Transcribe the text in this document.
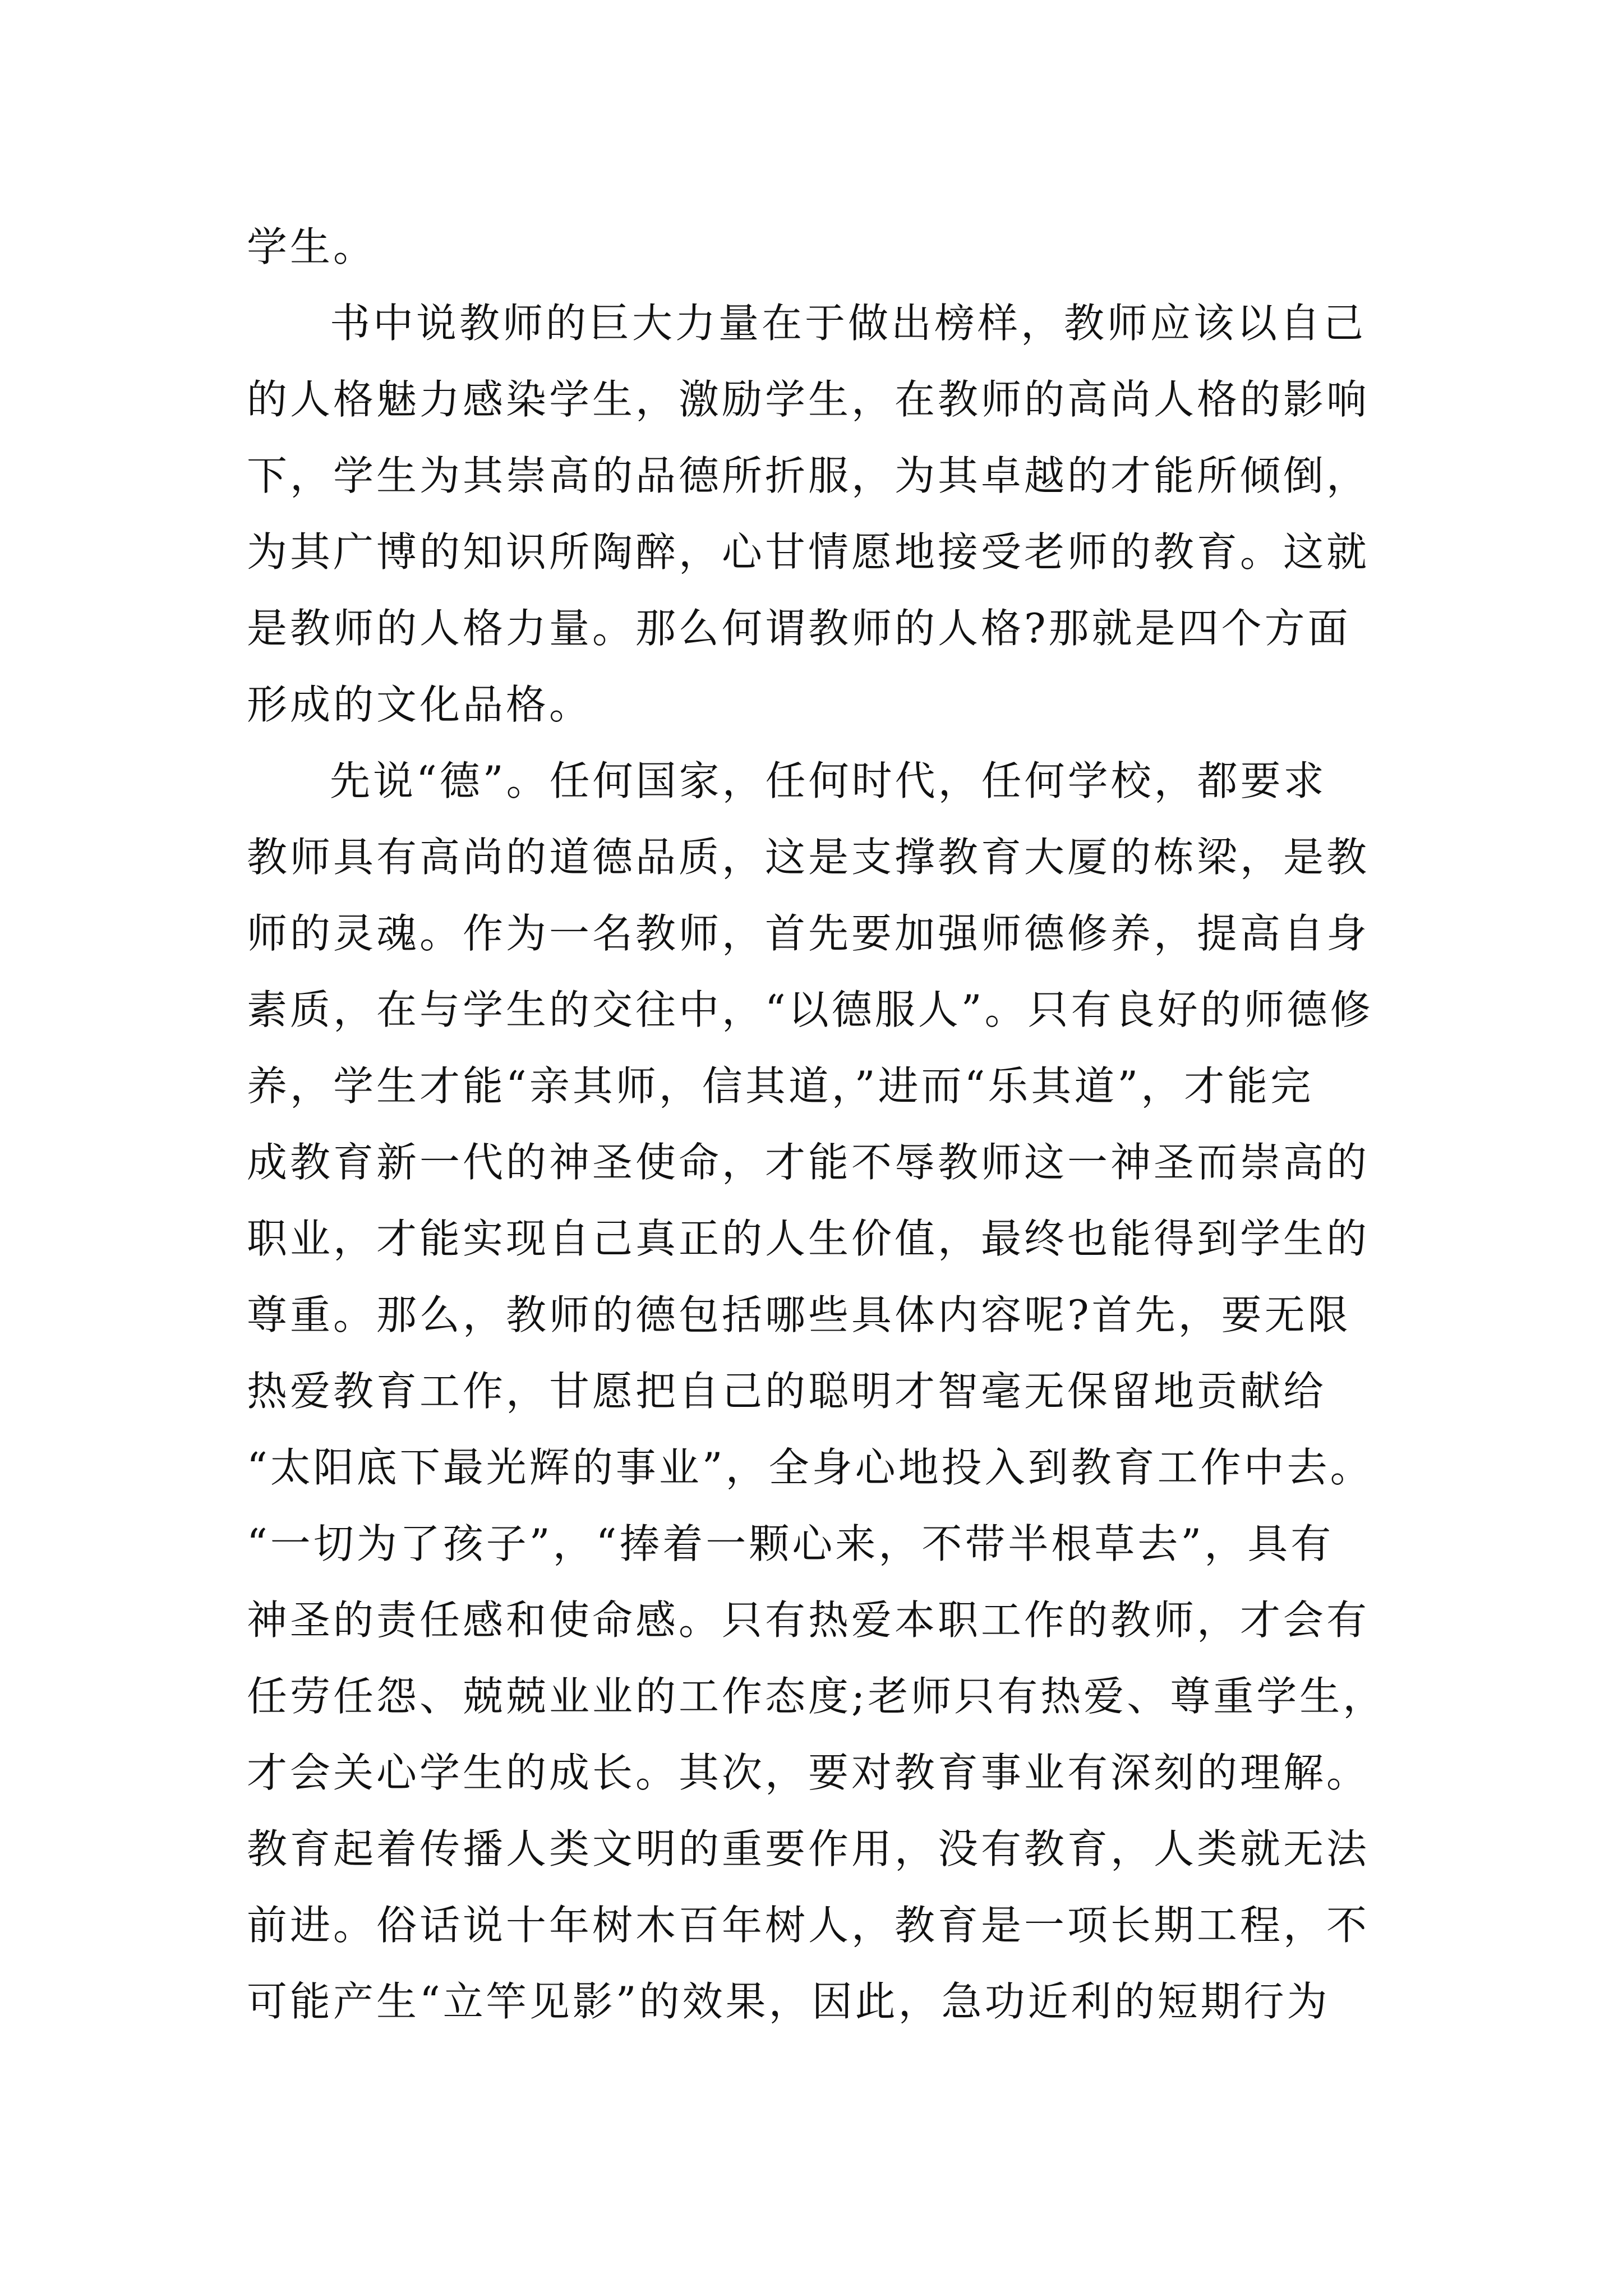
学生。
书中说教师的巨大力量在于做出榜样，教师应该以自己
的人格魅力感染学生，激励学生，在教师的高尚人格的影响
下，学生为其崇高的品德所折服，为其卓越的才能所倾倒，
为其广博的知识所陶醉，心甘情愿地接受老师的教育。这就
是教师的人格力量。那么何谓教师的人格?那就是四个方面
形成的文化品格。
先说“德”。任何国家，任何时代，任何学校，都要求
教师具有高尚的道德品质，这是支撑教育大厦的栋梁，是教
师的灵魂。作为一名教师，首先要加强师德修养，提高自身
素质，在与学生的交往中，“以德服人”。只有良好的师德修
养，学生才能“亲其师，信其道，”进而“乐其道”，才能完
成教育新一代的神圣使命，才能不辱教师这一神圣而崇高的
职业，才能实现自己真正的人生价值，最终也能得到学生的
尊重。那么，教师的德包括哪些具体内容呢?首先，要无限
热爱教育工作，甘愿把自己的聪明才智毫无保留地贡献给
“太阳底下最光辉的事业”，全身心地投入到教育工作中去。
“一切为了孩子”，“捧着一颗心来，不带半根草去”，具有
神圣的责任感和使命感。只有热爱本职工作的教师，才会有
任劳任怨、兢兢业业的工作态度;老师只有热爱、尊重学生，
才会关心学生的成长。其次，要对教育事业有深刻的理解。
教育起着传播人类文明的重要作用，没有教育，人类就无法
前进。俗话说十年树木百年树人，教育是一项长期工程，不
可能产生“立竿见影”的效果，因此，急功近利的短期行为
